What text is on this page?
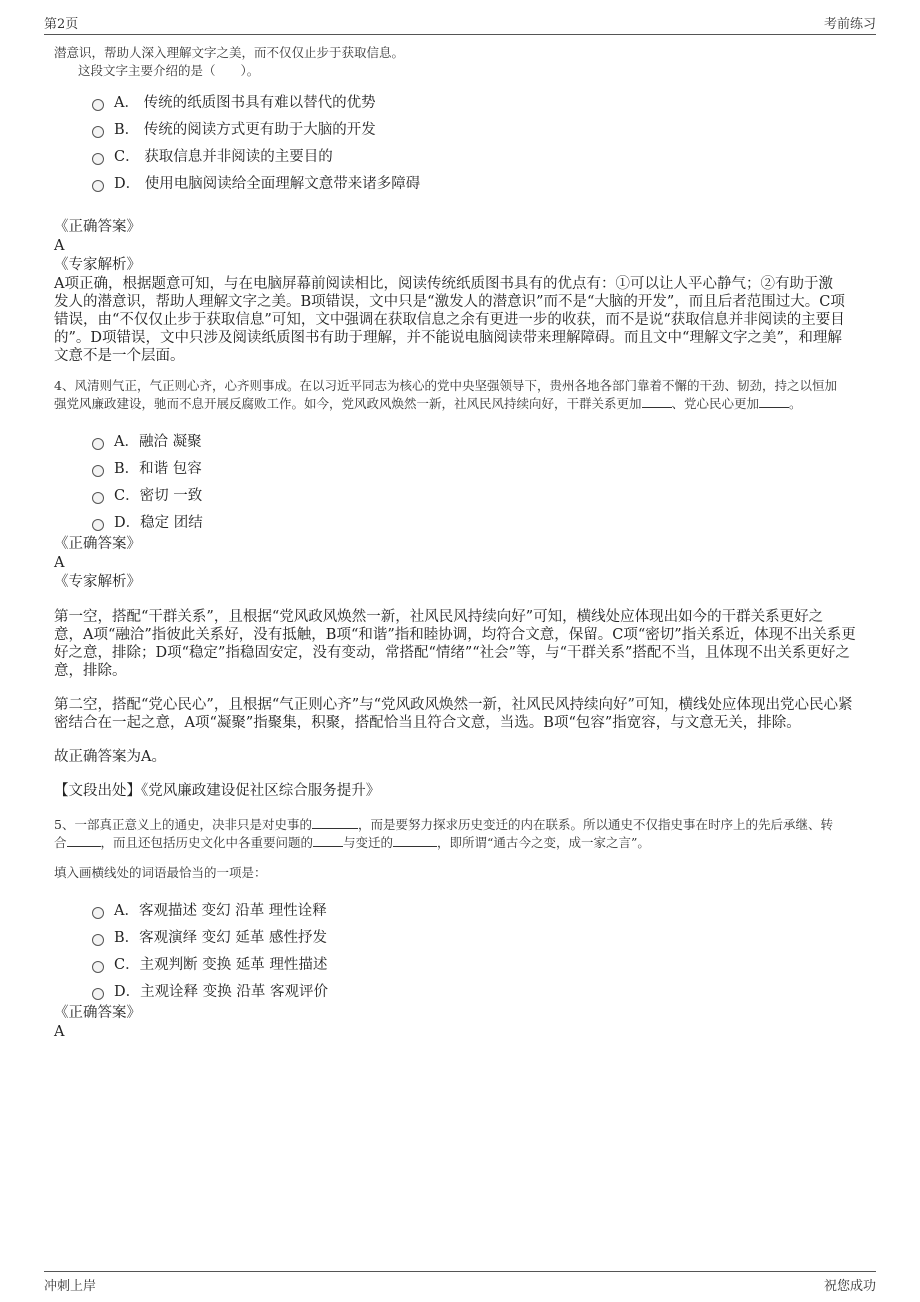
第2页	考前练习
潜意识，帮助人深入理解文字之美，而不仅仅止步于获取信息。
这段文字主要介绍的是（　　）。
A． 传统的纸质图书具有难以替代的优势
B． 传统的阅读方式更有助于大脑的开发
C． 获取信息并非阅读的主要目的
D． 使用电脑阅读给全面理解文意带来诸多障碍
《正确答案》
A
《专家解析》
A项正确，根据题意可知，与在电脑屏幕前阅读相比，阅读传统纸质图书具有的优点有：①可以让人平心静气；②有助于激
发人的潜意识，帮助人理解文字之美。B项错误，文中只是“激发人的潜意识”而不是“大脑的开发”，而且后者范围过大。C项
错误，由“不仅仅止步于获取信息”可知，文中强调在获取信息之余有更进一步的收获，而不是说“获取信息并非阅读的主要目
的”。D项错误，文中只涉及阅读纸质图书有助于理解，并不能说电脑阅读带来理解障碍。而且文中“理解文字之美”，和理解
文意不是一个层面。
4、风清则气正，气正则心齐，心齐则事成。在以习近平同志为核心的党中央坚强领导下，贵州各地各部门靠着不懈的干劲、韧劲，持之以恒加
强党风廉政建设，驰而不息开展反腐败工作。如今，党风政风焕然一新，社风民风持续向好，干群关系更加 、党心民心更加 。
A．融洽 凝聚
B．和谐 包容
C．密切 一致
D．稳定 团结
《正确答案》
A
《专家解析》
第一空，搭配“干群关系”，且根据“党风政风焕然一新，社风民风持续向好”可知，横线处应体现出如今的干群关系更好之
意，A项“融洽”指彼此关系好，没有抵触，B项“和谐”指和睦协调，均符合文意，保留。C项“密切”指关系近，体现不出关系更
好之意，排除；D项“稳定”指稳固安定，没有变动，常搭配“情绪”“社会”等，与“干群关系”搭配不当，且体现不出关系更好之
意，排除。
第二空，搭配“党心民心”，且根据“气正则心齐”与“党风政风焕然一新，社风民风持续向好”可知，横线处应体现出党心民心紧
密结合在一起之意，A项“凝聚”指聚集，积聚，搭配恰当且符合文意，当选。B项“包容”指宽容，与文意无关，排除。
故正确答案为A。
【文段出处】《党风廉政建设促社区综合服务提升》
5、一部真正意义上的通史，决非只是对史事的	，而是要努力探求历史变迁的内在联系。所以通史不仅指史事在时序上的先后承继、转
合	，而且还包括历史文化中各重要问题的 与变迁的	，即所谓“通古今之变，成一家之言”。
填入画横线处的词语最恰当的一项是：
A．客观描述 变幻 沿革 理性诠释
B．客观演绎 变幻 延革 感性抒发
C．主观判断 变换 延革 理性描述
D．主观诠释 变换 沿革 客观评价
《正确答案》
A
冲刺上岸	祝您成功
